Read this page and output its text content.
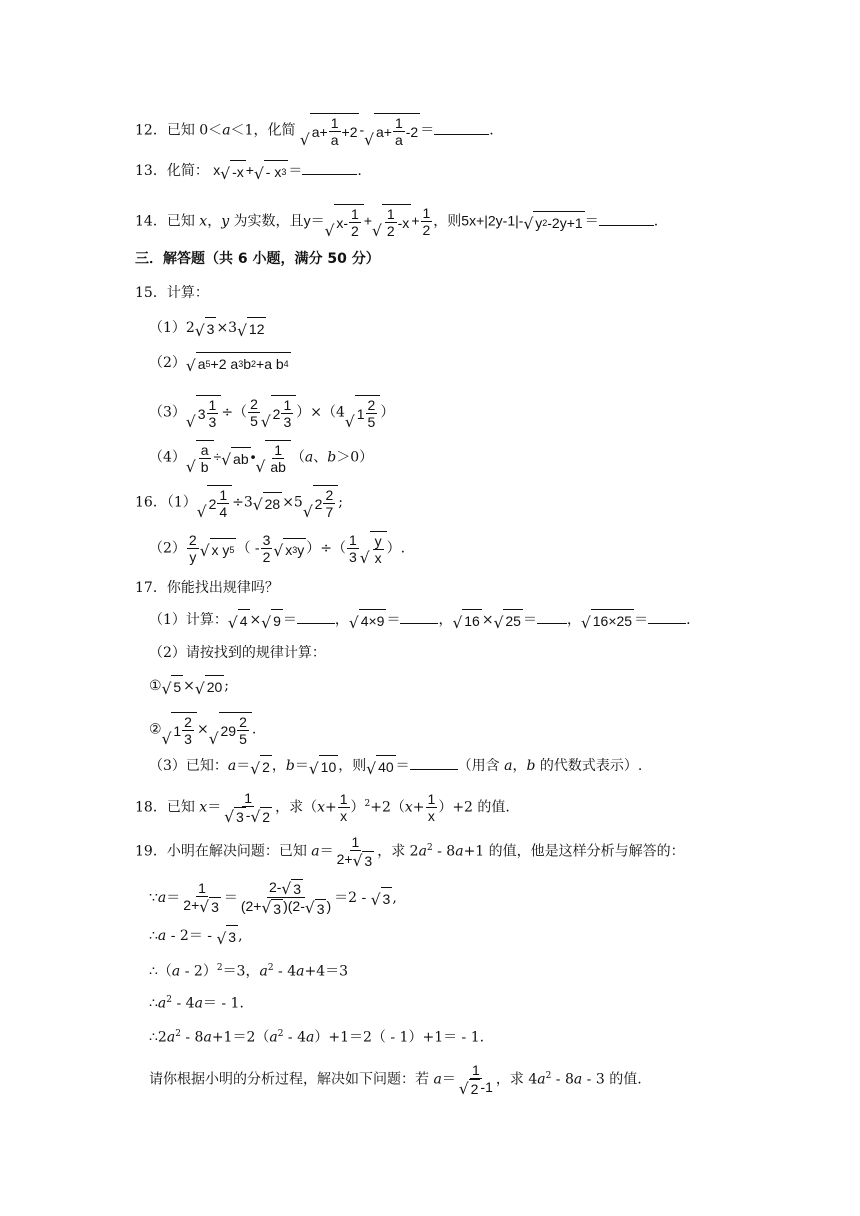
12．已知 0＜a＜1，化简
√ $a + \frac{1}{a} +2$ -
√ $a + \frac{1}{a} -2$ ＝	.
13．化简： x √ -x + √ - x 3 ＝	.
14．已知 x，y 为实数，且y＝
√ $x- \frac{1}{2}$ +
√ $\frac{1}{2} -x + \frac{1}{2}$ ，则5x+|2y-1|- √ y 2 -2y+1 ＝	.
三．解答题（共 6 小题，满分 50 分）
15．计算：
（1）2 √ 3 ×3 √ 12
（2） √ a 5 +2 a 3 b 2 +a b 4
（3）
√ $3 \frac{1}{3}$ ÷（ $\frac{2}{5}$ √ $2 \frac{1}{3} )\times(4$
√ $1 \frac{2}{5}$ ）
（4）
√ $\frac{a}{b}$ ÷ √ ab •
√ $\frac{1}{ab} (a$、b＞0）
16．（1）
√ $2 \frac{1}{4} \div 3$ √ 28 ×5
√ $2 \frac{2}{7}$ ;
$(2) \frac{2}{y}$ √ x y 5 （ - $\frac{3}{2}$ √ x 3 y ）÷（ $\frac{1}{3}$ √ $\frac{y}{x}$ ）.
17．你能找出规律吗？
（1）计算： √ 4 × √ 9 ＝	， √ 4×9 ＝	， √ 16 × √ 25 ＝ ， √ 16×25 ＝	.
（2）请按找到的规律计算：
① √ 5 × √ 20 ;
②
√ $1 \frac{2}{3}$ ×
√ $29 \frac{2}{5}$ .
（3）已知：a＝ √ 2 ，b＝ √ 10 ，则 √ 40 ＝	（用含 a，b 的代数式表示）.
18．已知 $x= \frac{1}{√ 3 - √ 2}$ ，求$(x+ \frac{1}{x} )^2+2(x+ \frac{1}{x} )+2$ 的值.
19．小明在解决问题：已知 $a= \frac{1}{2+ √ 3}$ ，求 $2a^2 - 8a+1$ 的值，他是这样分析与解答的：
∵a＝ $\frac{1}{2+ √ 3} = \frac{2- √ 3}{(2+ √ 3 )(2- √ 3 )} =2$ - √ 3 ,
∴a - 2＝ - √ 3 ,
∴（a - 2）$^2$＝3，$a^2 - 4a+4=3$
$\therefore a^2 - 4a= - 1$.
$\therefore 2a^2 - 8a+1=2(a^2 - 4a)+1=2( - 1)+1= - 1$.
请你根据小明的分析过程，解决如下问题：若 $a= \frac{1}{√ 2 -1}$ ，求 $4a^2 - 8a - 3$ 的值.
